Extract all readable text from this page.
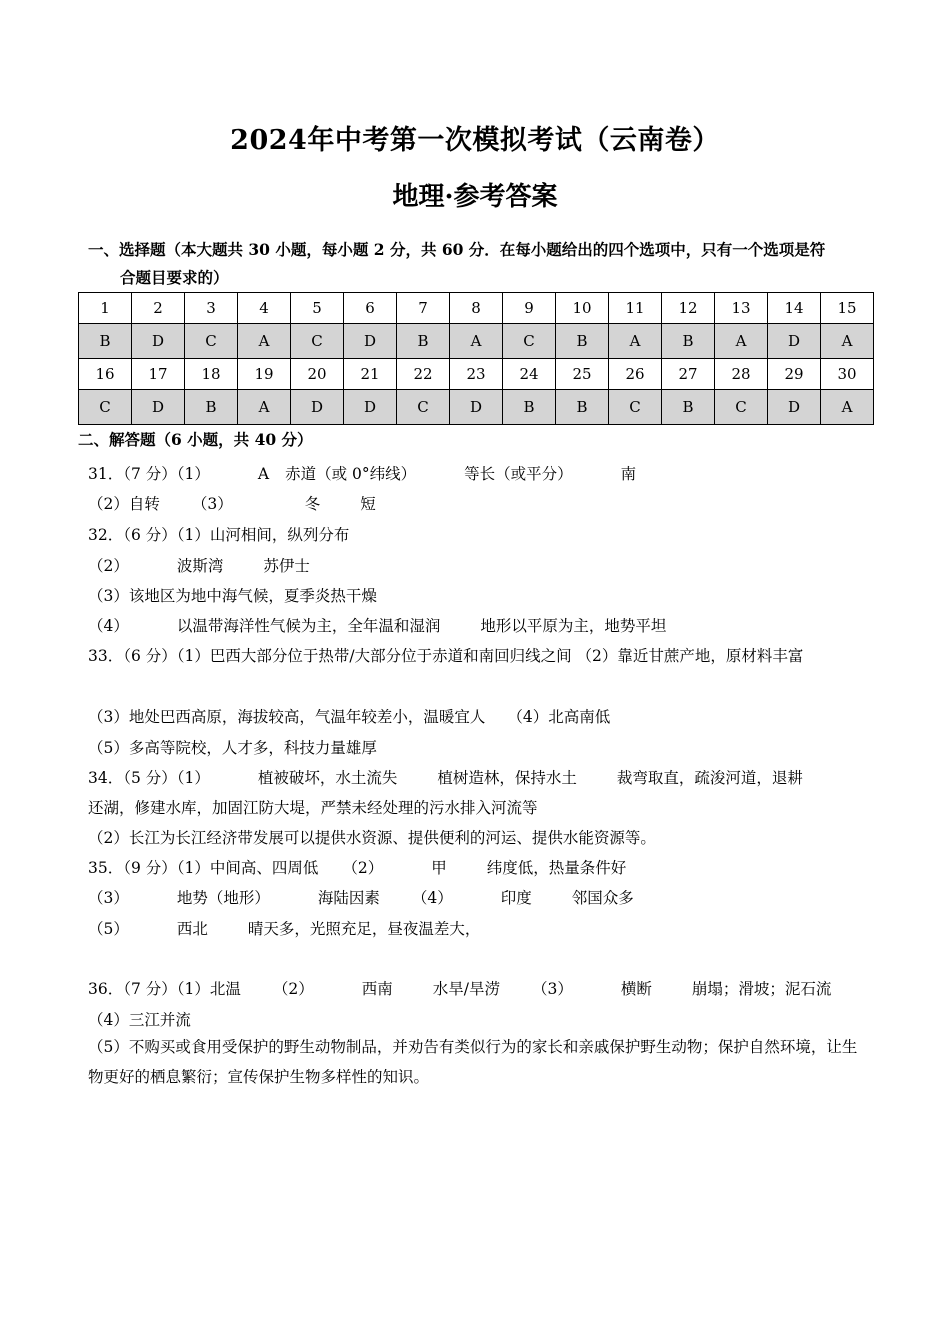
2024年中考第一次模拟考试（云南卷）
地理·参考答案
一、选择题（本大题共 30 小题，每小题 2 分，共 60 分．在每小题给出的四个选项中，只有一个选项是符
合题目要求的）
1	2	3	4	5	6	7	8	9	10	11	12	13	14	15
B	D	C	A	C	D	B	A	C	B	A	B	A	D	A
16	17	18	19	20	21	22	23	24	25	26	27	28	29	30
C	D	B	A	D	D	C	D	B	B	C	B	C	D	A
二、解答题（6 小题，共 40 分）
31．（7 分）（1）	A 赤道（或 0°纬线）	等长（或平分）	南
（2）自转 （3）	冬	短
32．（6 分）（1）山河相间，纵列分布
（2）	波斯湾	苏伊士
（3）该地区为地中海气候，夏季炎热干燥
（4）	以温带海洋性气候为主，全年温和湿润	地形以平原为主，地势平坦
33．（6 分）（1）巴西大部分位于热带/大部分位于赤道和南回归线之间 （2）靠近甘蔗产地，原材料丰富
（3）地处巴西高原，海拔较高，气温年较差小，温暖宜人 （4）北高南低
（5）多高等院校，人才多，科技力量雄厚
34．（5 分）（1）	植被破坏，水土流失	植树造林，保持水土	裁弯取直，疏浚河道，退耕
还湖，修建水库，加固江防大堤，严禁未经处理的污水排入河流等
（2）长江为长江经济带发展可以提供水资源、提供便利的河运、提供水能资源等。
35．（9 分）（1）中间高、四周低 （2）	甲	纬度低，热量条件好
（3）	地势（地形）	海陆因素 （4）	印度	邻国众多
（5）	西北	晴天多，光照充足，昼夜温差大，
36．（7 分）（1）北温 （2）	西南	水旱/旱涝 （3）	横断	崩塌；滑坡；泥石流
（4）三江并流
（5）不购买或食用受保护的野生动物制品，并劝告有类似行为的家长和亲戚保护野生动物；保护自然环境，让生物更好的栖息繁衍；宣传保护生物多样性的知识。
